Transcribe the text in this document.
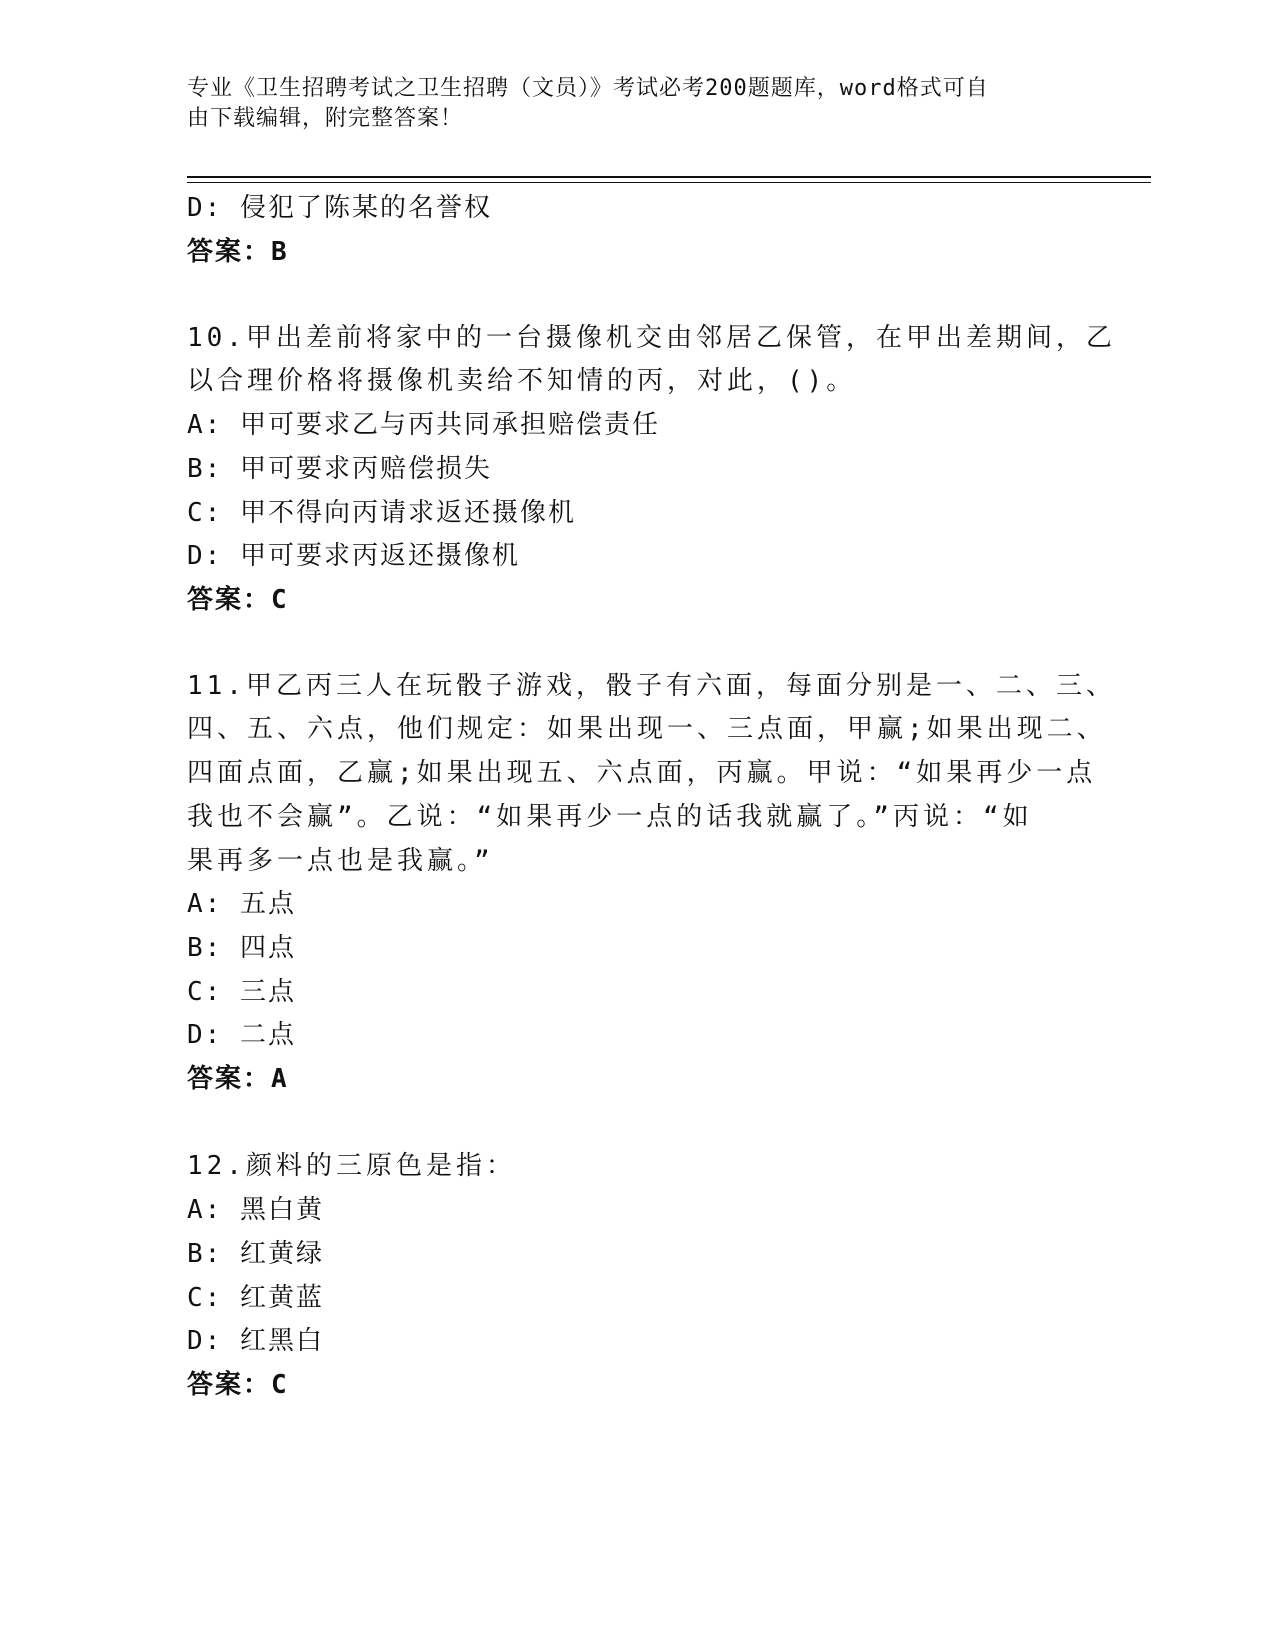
专业《卫生招聘考试之卫生招聘（文员）》考试必考200题题库，word格式可自
由下载编辑，附完整答案！
D: 侵犯了陈某的名誉权
答案：B
10.甲出差前将家中的一台摄像机交由邻居乙保管，在甲出差期间，乙
以合理价格将摄像机卖给不知情的丙，对此，()。
A: 甲可要求乙与丙共同承担赔偿责任
B: 甲可要求丙赔偿损失
C: 甲不得向丙请求返还摄像机
D: 甲可要求丙返还摄像机
答案：C
11.甲乙丙三人在玩骰子游戏，骰子有六面，每面分别是一、二、三、
四、五、六点，他们规定：如果出现一、三点面，甲赢;如果出现二、
四面点面，乙赢;如果出现五、六点面，丙赢。甲说：“如果再少一点
我也不会赢”。乙说：“如果再少一点的话我就赢了。”丙说：“如
果再多一点也是我赢。”
A: 五点
B: 四点
C: 三点
D: 二点
答案：A
12.颜料的三原色是指：
A: 黑白黄
B: 红黄绿
C: 红黄蓝
D: 红黑白
答案：C
